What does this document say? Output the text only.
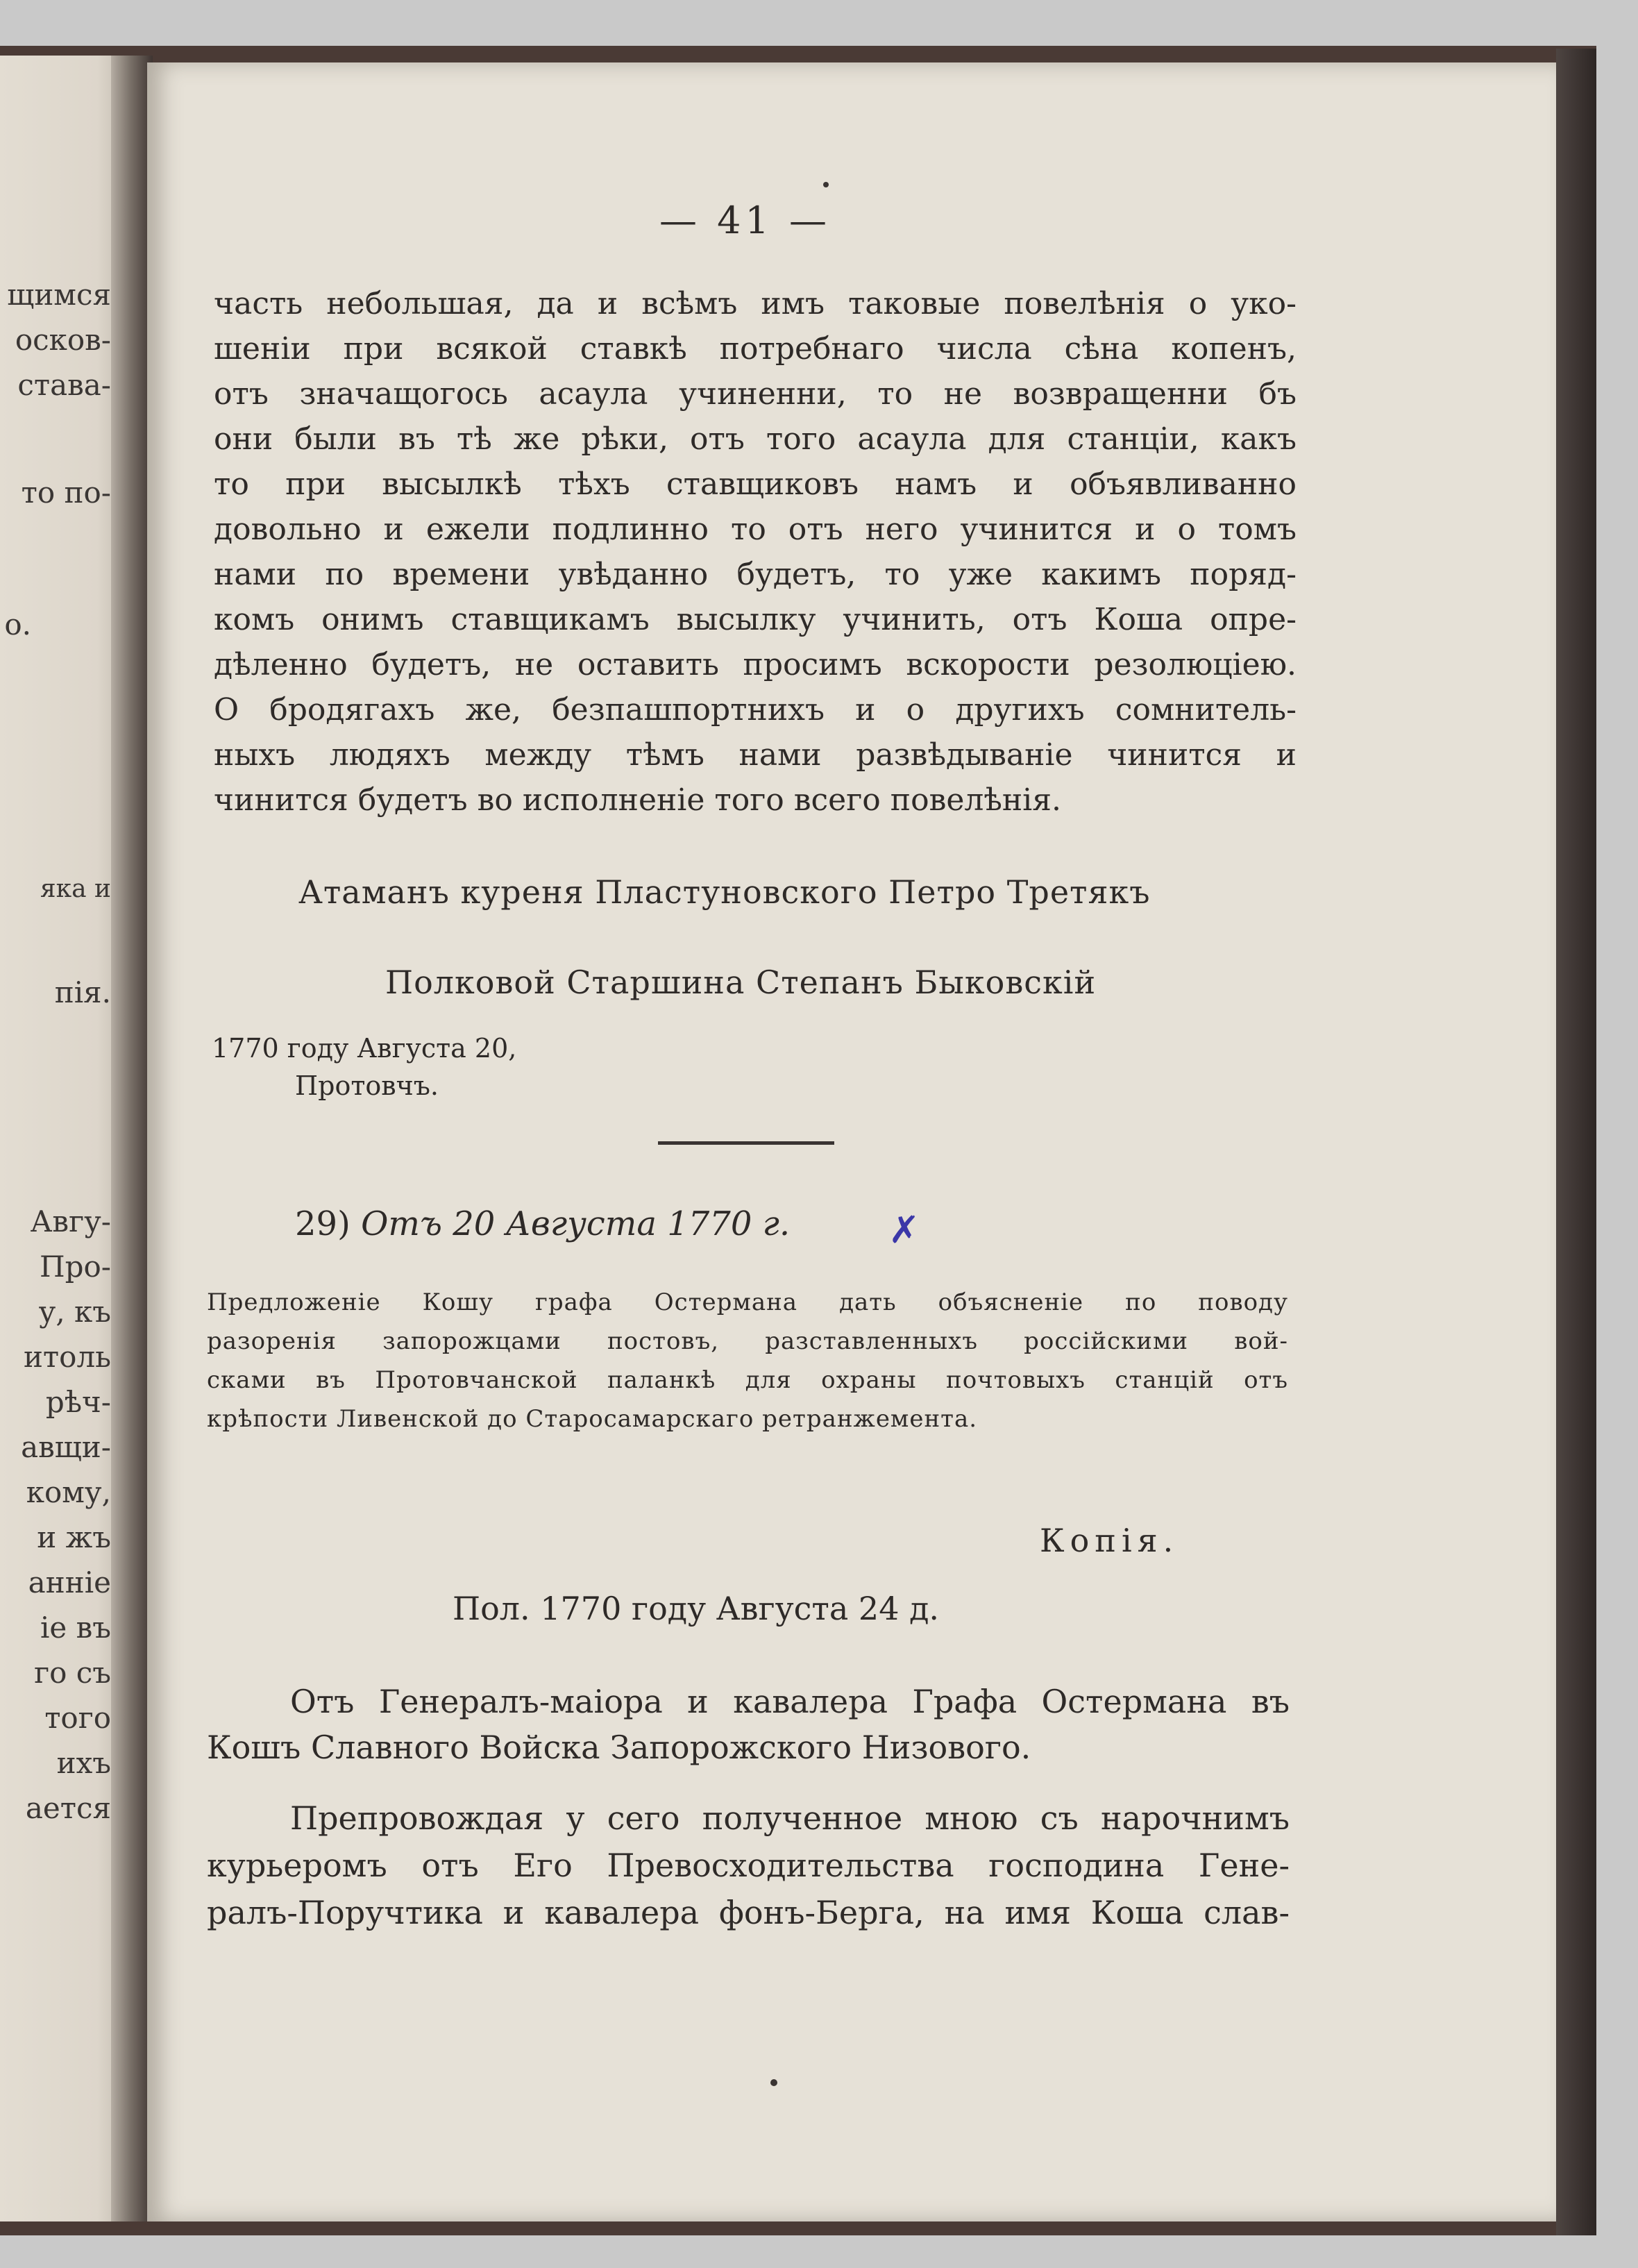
щимся
осков-
става-
то по-
о.
яка и
пія.
Авгу-
Про-
у, къ
итоль
рѣч-
авщи-
кому,
и жъ
анніе
іе въ
го съ
того
ихъ
ается
— 41 —
часть небольшая, да и всѣмъ имъ таковые повелѣнія о уко-
шеніи при всякой ставкѣ потребнаго числа сѣна копенъ,
отъ значащогось асаула учиненни, то не возвращенни бъ
они были въ тѣ же рѣки, отъ того асаула для станціи, какъ
то при высылкѣ тѣхъ ставщиковъ намъ и объявливанно
довольно и ежели подлинно то отъ него учинится и о томъ
нами по времени увѣданно будетъ, то уже какимъ поряд-
комъ онимъ ставщикамъ высылку учинить, отъ Коша опре-
дѣленно будетъ, не оставить просимъ вскорости резолюціею.
О бродягахъ же, безпашпортнихъ и о другихъ сомнитель-
ныхъ людяхъ между тѣмъ нами развѣдываніе чинится и
чинится будетъ во исполненіе того всего повелѣнія.
Атаманъ куреня Пластуновского Петро Третякъ
Полковой Старшина Степанъ Быковскій
1770 году Августа 20,
Протовчъ.
29) Отъ 20 Августа 1770 г.	✗
Предложеніе Кошу графа Остермана дать объясненіе по поводу
разоренія запорожцами постовъ, разставленныхъ россійскими вой-
сками въ Протовчанской паланкѣ для охраны почтовыхъ станцій отъ
крѣпости Ливенской до Старосамарскаго ретранжемента.
Копія.
Пол. 1770 году Августа 24 д.
Отъ Генералъ-маіора и кавалера Графа Остермана въ
Кошъ Славного Войска Запорожского Низового.
Препровождая у сего полученное мною съ нарочнимъ
курьеромъ отъ Его Превосходительства господина Гене-
ралъ-Поручтика и кавалера фонъ-Берга, на имя Коша слав-
